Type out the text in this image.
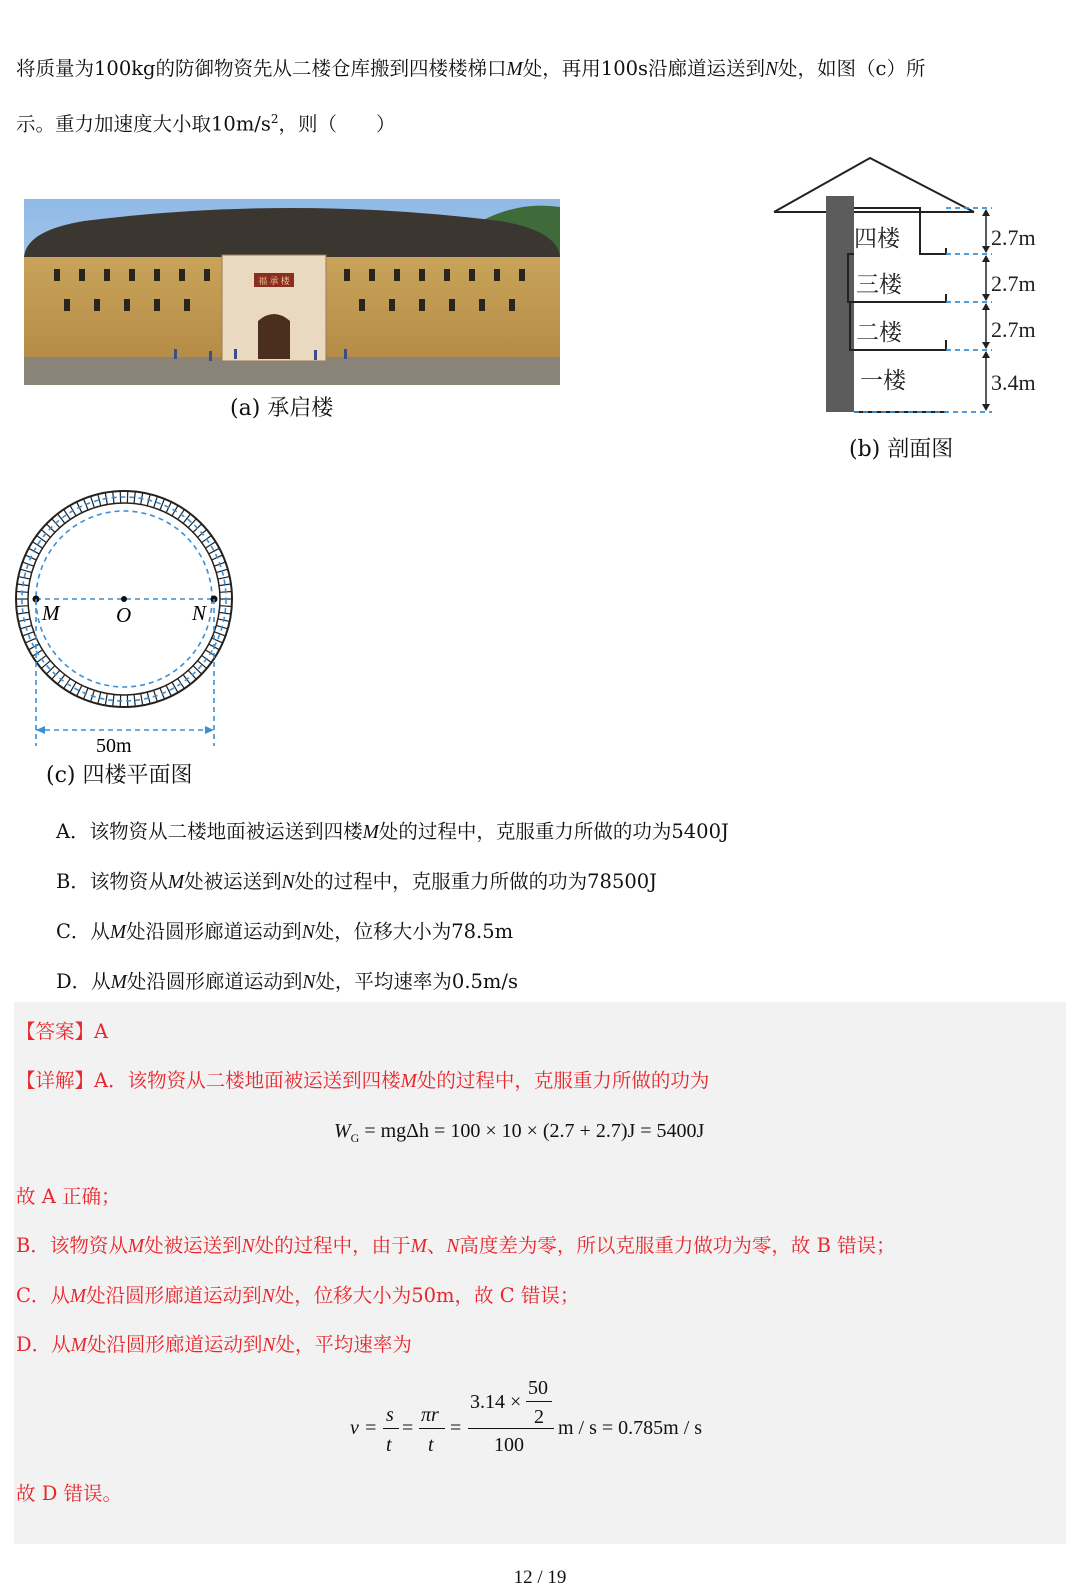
将质量为100kg的防御物资先从二楼仓库搬到四楼楼梯口M处，再用100s沿廊道运送到N处，如图（c）所
示。重力加速度大小取$10m/s^2$，则（　　）
福 承 楼
(a) 承启楼
四楼
三楼
二楼
一楼
2.7m
2.7m
2.7m
3.4m
(b) 剖面图
M	O	N
50m
(c) 四楼平面图
A．该物资从二楼地面被运送到四楼M处的过程中，克服重力所做的功为5400J
B．该物资从M处被运送到N处的过程中，克服重力所做的功为78500J
C．从M处沿圆形廊道运动到N处，位移大小为78.5m
D．从M处沿圆形廊道运动到N处，平均速率为0.5m/s
【答案】A
【详解】A．该物资从二楼地面被运送到四楼M处的过程中，克服重力所做的功为
$W_G = mg\Delta h = 100 \times 10 \times (2.7 + 2.7)J = 5400J$
故 A 正确；
B．该物资从M处被运送到N处的过程中，由于M、N高度差为零，所以克服重力做功为零，故 B 错误；
C．从M处沿圆形廊道运动到N处，位移大小为50m，故 C 错误；
D．从M处沿圆形廊道运动到N处，平均速率为
v =
s
t
=
πr
t
=
3.14 ×
50
2
100
m / s = 0.785m / s
故 D 错误。
12 / 19
